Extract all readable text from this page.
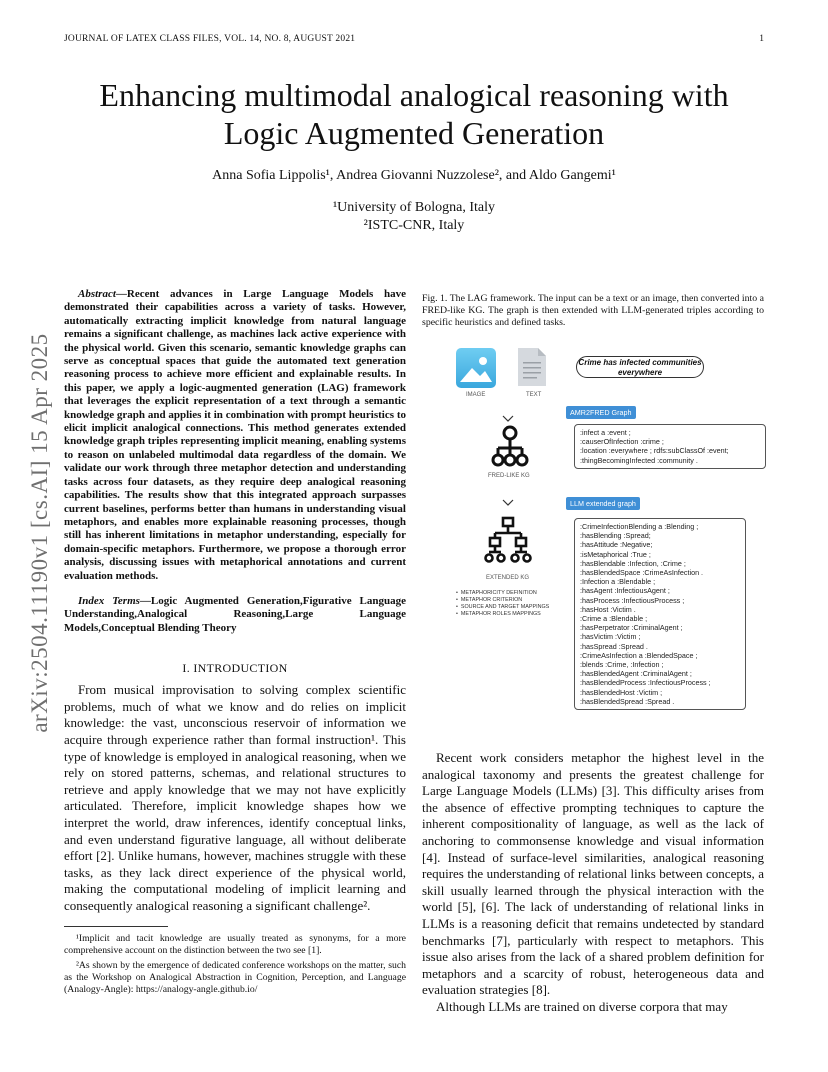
JOURNAL OF LATEX CLASS FILES, VOL. 14, NO. 8, AUGUST 2021	1
Enhancing multimodal analogical reasoning with
Logic Augmented Generation
Anna Sofia Lippolis¹, Andrea Giovanni Nuzzolese², and Aldo Gangemi¹
¹University of Bologna, Italy
²ISTC-CNR, Italy
arXiv:2504.11190v1 [cs.AI] 15 Apr 2025

Abstract—Recent advances in Large Language Models have demonstrated their capabilities across a variety of tasks. However, automatically extracting implicit knowledge from natural language remains a significant challenge, as machines lack active experience with the physical world. Given this scenario, semantic knowledge graphs can serve as conceptual spaces that guide the automated text generation reasoning process to achieve more efficient and explainable results. In this paper, we apply a logic-augmented generation (LAG) framework that leverages the explicit representation of a text through a semantic knowledge graph and applies it in combination with prompt heuristics to elicit implicit analogical connections. This method generates extended knowledge graph triples representing implicit meaning, enabling systems to reason on unlabeled multimodal data regardless of the domain. We validate our work through three metaphor detection and understanding tasks across four datasets, as they require deep analogical reasoning capabilities. The results show that this integrated approach surpasses current baselines, performs better than humans in understanding visual metaphors, and enables more explainable reasoning processes, though still has inherent limitations in metaphor understanding, especially for domain-specific metaphors. Furthermore, we propose a thorough error analysis, discussing issues with metaphorical annotations and current evaluation methods.

Index Terms—Logic Augmented Generation,Figurative Language Understanding,Analogical Reasoning,Large Language Models,Conceptual Blending Theory

I. INTRODUCTION

From musical improvisation to solving complex scientific problems, much of what we know and do relies on implicit knowledge: the vast, unconscious reservoir of information we acquire through experience rather than formal instruction¹. This type of knowledge is employed in analogical reasoning, when we rely on stored patterns, schemas, and relational structures to retrieve and apply knowledge that we may not have explicitly articulated. Therefore, implicit knowledge shapes how we interpret the world, draw inferences, identify conceptual links, and even understand figurative language, all without deliberate effort [2]. Unlike humans, however, machines struggle with these tasks, as they lack direct experience of the physical world, making the computational modeling of implicit learning and consequently analogical reasoning a significant challenge².

¹Implicit and tacit knowledge are usually treated as synonyms, for a more comprehensive account on the distinction between the two see [1].

²As shown by the emergence of dedicated conference workshops on the matter, such as the Workshop on Analogical Abstraction in Cognition, Perception, and Language (Analogy-Angle): https://analogy-angle.github.io/

Fig. 1. The LAG framework. The input can be a text or an image, then converted into a FRED-like KG. The graph is then extended with LLM-generated triples according to specific heuristics and defined tasks.

IMAGE	TEXT
Crime has infected communities everywhere
AMR2FRED Graph
:infect a :event ;
:causerOfInfection :crime ;
:location :everywhere ; rdfs:subClassOf :event;
:thingBecomingInfected :community .
FRED-LIKE KG
EXTENDED KG
•  METAPHORICITY DEFINITION
•  METAPHOR CRITERION
•  SOURCE AND TARGET MAPPINGS
•  METAPHOR ROLES MAPPINGS
LLM extended graph
:CrimeInfectionBlending a :Blending ;
:hasBlending :Spread;
:hasAttitude :Negative;
:isMetaphorical :True ;
:hasBlendable :Infection, :Crime ;
:hasBlendedSpace :CrimeAsInfection .
:Infection a :Blendable ;
:hasAgent :InfectiousAgent ;
:hasProcess :InfectiousProcess ;
:hasHost :Victim .
:Crime a :Blendable ;
:hasPerpetrator :CriminalAgent ;
:hasVictim :Victim ;
:hasSpread :Spread .
:CrimeAsInfection a :BlendedSpace ;
:blends :Crime, :Infection ;
:hasBlendedAgent :CriminalAgent ;
:hasBlendedProcess :InfectiousProcess ;
:hasBlendedHost :Victim ;
:hasBlendedSpread :Spread .

Recent work considers metaphor the highest level in the analogical taxonomy and presents the greatest challenge for Large Language Models (LLMs) [3]. This difficulty arises from the absence of effective prompting techniques to capture the inherent compositionality of language, as well as the lack of anchoring to commonsense knowledge and visual information [4]. Instead of surface-level similarities, analogical reasoning requires the understanding of relational links between concepts, a skill usually learned through the physical interaction with the world [5], [6]. The lack of understanding of relational links in LLMs is a reasoning deficit that remains undetected by standard benchmarks [7], particularly with respect to metaphors. This issue also arises from the lack of a shared problem definition for metaphors and a scarcity of robust, heterogeneous data and evaluation strategies [8].

Although LLMs are trained on diverse corpora that may
